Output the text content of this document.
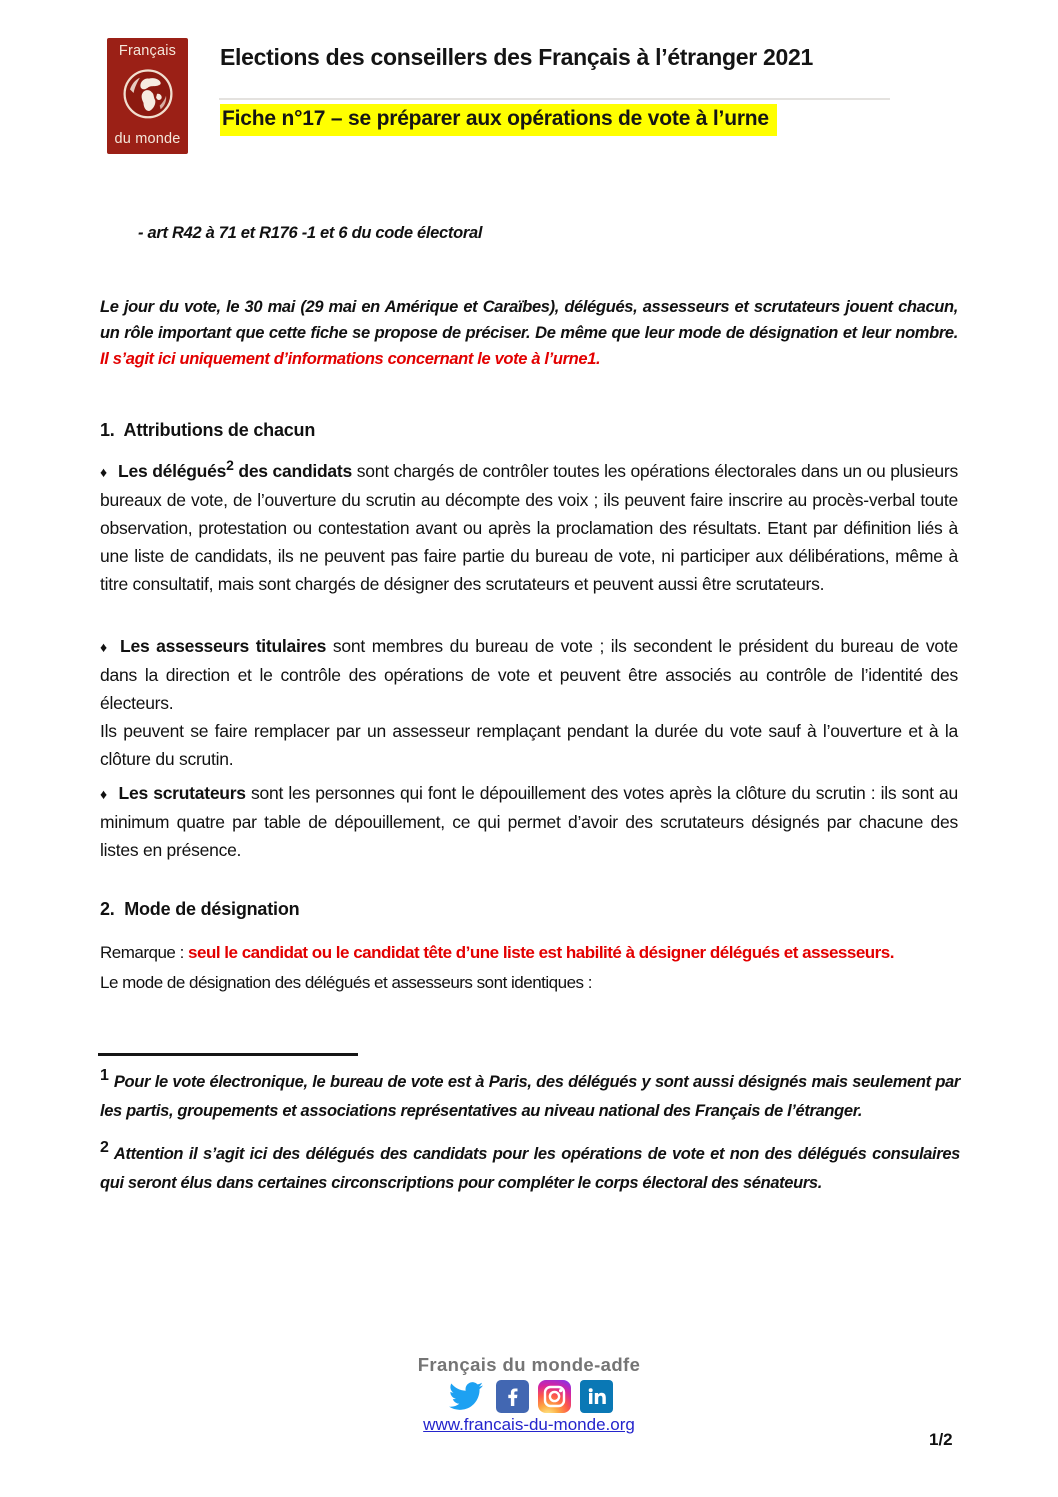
Français
du monde
Elections des conseillers des Français à l’étranger 2021
Fiche n°17 – se préparer aux opérations de vote à l’urne
- art R42 à 71 et R176 -1 et 6 du code électoral
Le jour du vote, le 30 mai (29 mai en Amérique et Caraïbes), délégués, assesseurs et scrutateurs jouent chacun, un rôle important que cette fiche se propose de préciser. De même que leur mode de désignation et leur nombre. Il s’agit ici uniquement d’informations concernant le vote à l’urne1.
1.  Attributions de chacun
♦ Les délégués$^2$ des candidats sont chargés de contrôler toutes les opérations électorales dans un ou plusieurs bureaux de vote, de l’ouverture du scrutin au décompte des voix ; ils peuvent faire inscrire au procès-verbal toute observation, protestation ou contestation avant ou après la proclamation des résultats. Etant par définition liés à une liste de candidats, ils ne peuvent pas faire partie du bureau de vote, ni participer aux délibérations, même à titre consultatif, mais sont chargés de désigner des scrutateurs et peuvent aussi être scrutateurs.
♦ Les assesseurs titulaires sont membres du bureau de vote ; ils secondent le président du bureau de vote dans la direction et le contrôle des opérations de vote et peuvent être associés au contrôle de l’identité des électeurs.
Ils peuvent se faire remplacer par un assesseur remplaçant pendant la durée du vote sauf à l’ouverture et à la clôture du scrutin.
♦ Les scrutateurs sont les personnes qui font le dépouillement des votes après la clôture du scrutin : ils sont au minimum quatre par table de dépouillement, ce qui permet d’avoir des scrutateurs désignés par chacune des listes en présence.
2.  Mode de désignation
Remarque : seul le candidat ou le candidat tête d’une liste est habilité à désigner délégués et assesseurs.
Le mode de désignation des délégués et assesseurs sont identiques :
1 Pour le vote électronique, le bureau de vote est à Paris, des délégués y sont aussi désignés mais seulement par les partis, groupements et associations représentatives au niveau national des Français de l’étranger.
2 Attention il s’agit ici des délégués des candidats pour les opérations de vote et non des délégués consulaires qui seront élus dans certaines circonscriptions pour compléter le corps électoral des sénateurs.
Français du monde-adfe
www.francais-du-monde.org
1/2
